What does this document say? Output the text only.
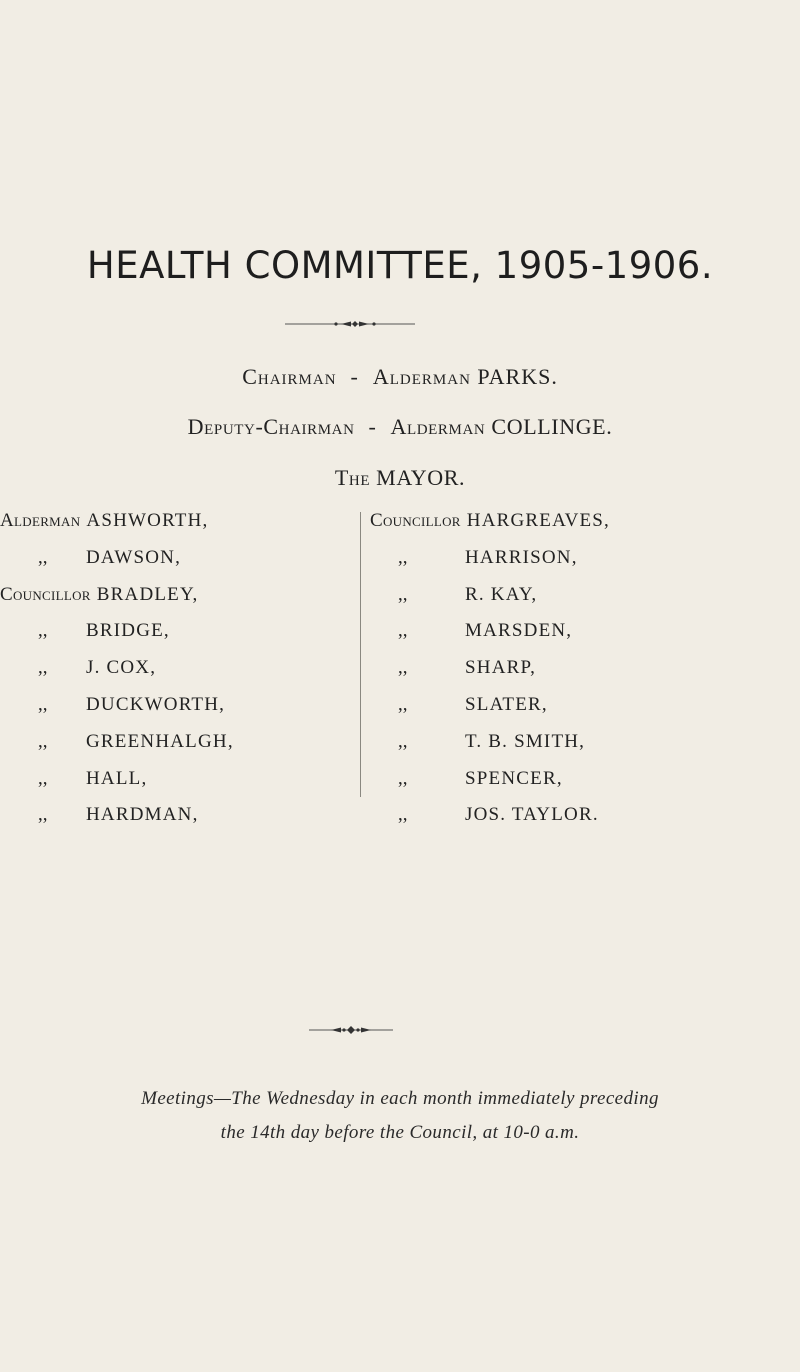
HEALTH COMMITTEE, 1905-1906.
Chairman - Alderman PARKS.
Deputy-Chairman - Alderman COLLINGE.
The MAYOR.
Alderman ASHWORTH,
,, DAWSON,
Councillor BRADLEY,
,, BRIDGE,
,, J. COX,
,, DUCKWORTH,
,, GREENHALGH,
,, HALL,
,, HARDMAN,
Councillor HARGREAVES,
,,	HARRISON,
,,	R. KAY,
,,	MARSDEN,
,,	SHARP,
,,	SLATER,
,,	T. B. SMITH,
,,	SPENCER,
,,	JOS. TAYLOR.
Meetings—The Wednesday in each month immediately preceding
the 14th day before the Council, at 10-0 a.m.
